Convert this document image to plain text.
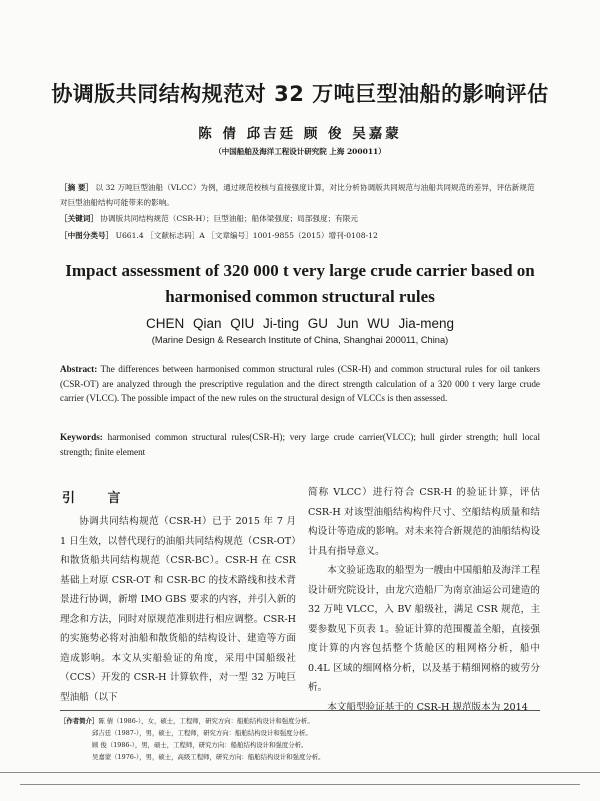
协调版共同结构规范对 32 万吨巨型油船的影响评估
陈 倩 邱吉廷 顾 俊 吴嘉蒙
（中国船舶及海洋工程设计研究院 上海 200011）
［摘 要］ 以 32 万吨巨型油船（VLCC）为例，通过规范校核与直接强度计算，对比分析协调版共同规范与油船共同规范的差异，评估新规范对巨型油船结构可能带来的影响。
［关键词］ 协调版共同结构规范（CSR-H）；巨型油船；船体梁强度；局部强度；有限元
［中图分类号］ U661.4 ［文献标志码］A ［文章编号］1001-9855（2015）增刊-0108-12
Impact assessment of 320 000 t very large crude carrier based on harmonised common structural rules
CHEN Qian QIU Ji-ting GU Jun WU Jia-meng
(Marine Design & Research Institute of China, Shanghai 200011, China)
Abstract: The differences between harmonised common structural rules (CSR-H) and common structural rules for oil tankers (CSR-OT) are analyzed through the prescriptive regulation and the direct strength calculation of a 320 000 t very large crude carrier (VLCC). The possible impact of the new rules on the structural design of VLCCs is then assessed.
Keywords: harmonised common structural rules(CSR-H); very large crude carrier(VLCC); hull girder strength; hull local strength; finite element
引 言

协调共同结构规范（CSR-H）已于 2015 年 7 月 1 日生效，以替代现行的油船共同结构规范（CSR-OT）和散货船共同结构规范（CSR-BC）。CSR-H 在 CSR 基础上对原 CSR-OT 和 CSR-BC 的技术路线和技术背景进行协调，新增 IMO GBS 要求的内容，并引入新的理念和方法，同时对原规范准则进行相应调整。CSR-H 的实施势必将对油船和散货船的结构设计、建造等方面造成影响。本文从实船验证的角度，采用中国船级社（CCS）开发的 CSR-H 计算软件，对一型 32 万吨巨型油船（以下

简称 VLCC）进行符合 CSR-H 的验证计算，评估 CSR-H 对该型油船结构构件尺寸、空船结构质量和结构设计等造成的影响。对未来符合新规范的油船结构设计具有指导意义。

本文验证选取的船型为一艘由中国船舶及海洋工程设计研究院设计，由龙穴造船厂为南京油运公司建造的 32 万吨 VLCC，入 BV 船级社，满足 CSR 规范，主要参数见下页表 1。验证计算的范围覆盖全船，直接强度计算的内容包括整个货舱区的粗网格分析，船中 0.4L 区域的细网格分析，以及基于精细网格的疲劳分析。

本文船型验证基于的 CSR-H 规范版本为 2014

［作者简介］陈 倩（1986-），女，硕士，工程师，研究方向：船舶结构设计和强度分析。
邱吉廷（1987-），男，硕士，工程师，研究方向：船舶结构设计和强度分析。
顾 俊（1986-），男，硕士，工程师，研究方向：船舶结构设计和强度分析。
吴嘉蒙（1976-），男，硕士，高级工程师，研究方向：船舶结构设计和强度分析。
